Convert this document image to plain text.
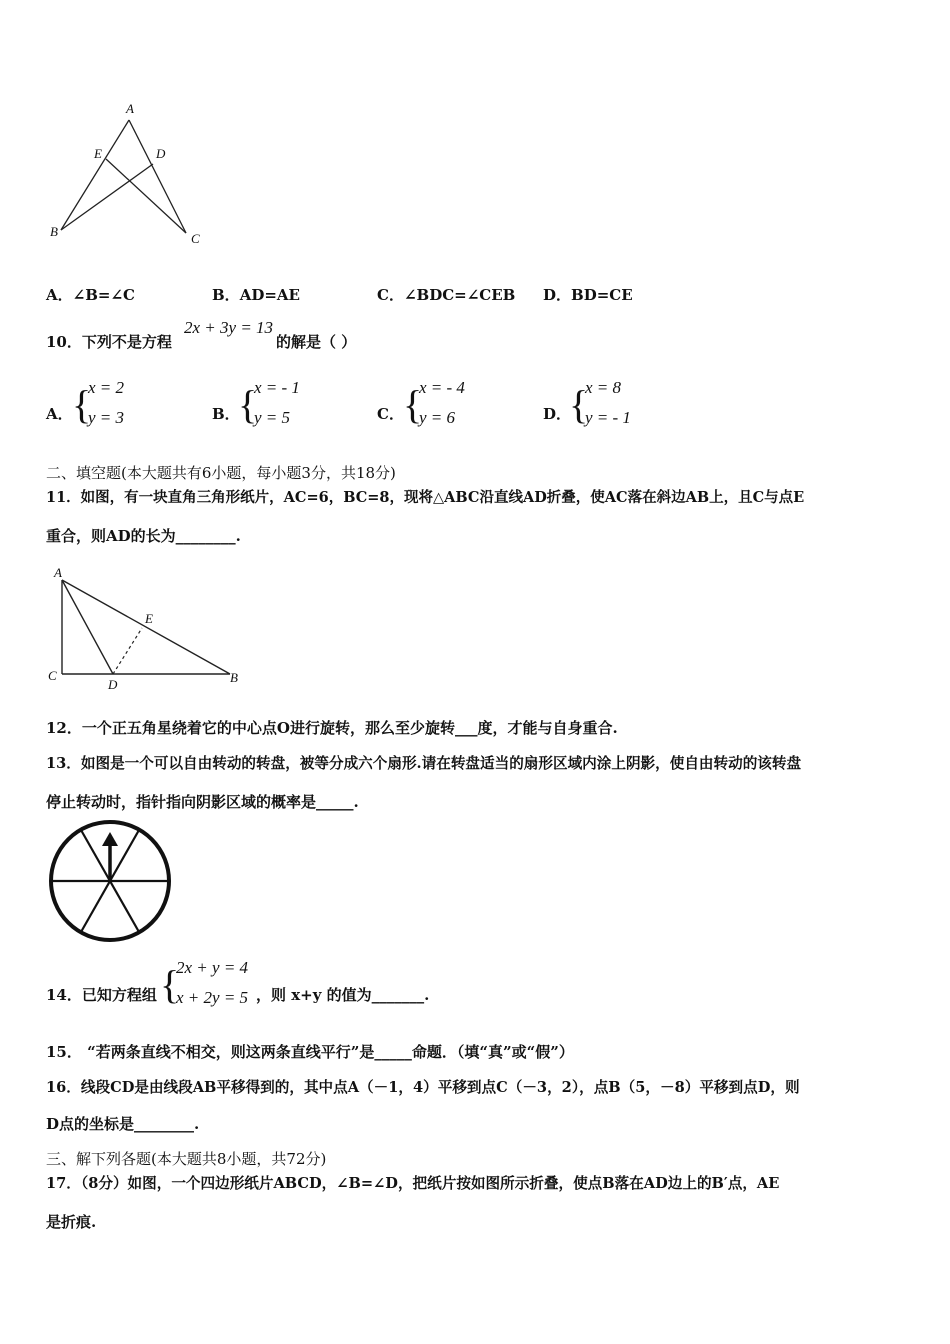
A
E	D
B	C
A．∠B=∠C	B．AD=AE	C．∠BDC=∠CEB D．BD=CE
10．下列不是方程
2x + 3y = 13
的解是（ ）
A． {
x = 2
y = 3	B．
{
x = - 1
y = 5	C． {
x = - 4
y = 6	D．
{
x = 8
y = - 1
二、填空题(本大题共有6小题，每小题3分，共18分)
11．如图，有一块直角三角形纸片，AC=6，BC=8，现将△ABC沿直线AD折叠，使AC落在斜边AB上，且C与点E
重合，则AD的长为________.
A
E
C
D	B
12．一个正五角星绕着它的中心点O进行旋转，那么至少旋转___度，才能与自身重合.
13．如图是一个可以自由转动的转盘，被等分成六个扇形.请在转盘适当的扇形区域内涂上阴影，使自由转动的该转盘
停止转动时，指针指向阴影区域的概率是_____.
14．已知方程组 {
2x + y = 4
x + 2y = 5 ，则 x+y 的值为_______.
15． “若两条直线不相交，则这两条直线平行”是_____命题．（填“真”或“假”）
16．线段CD是由线段AB平移得到的，其中点A（－1，4）平移到点C（－3，2），点B（5，－8）平移到点D，则
D点的坐标是________.
三、解下列各题(本大题共8小题，共72分)
17．（8分）如图，一个四边形纸片ABCD，∠B=∠D，把纸片按如图所示折叠，使点B落在AD边上的B′点，AE
是折痕.
